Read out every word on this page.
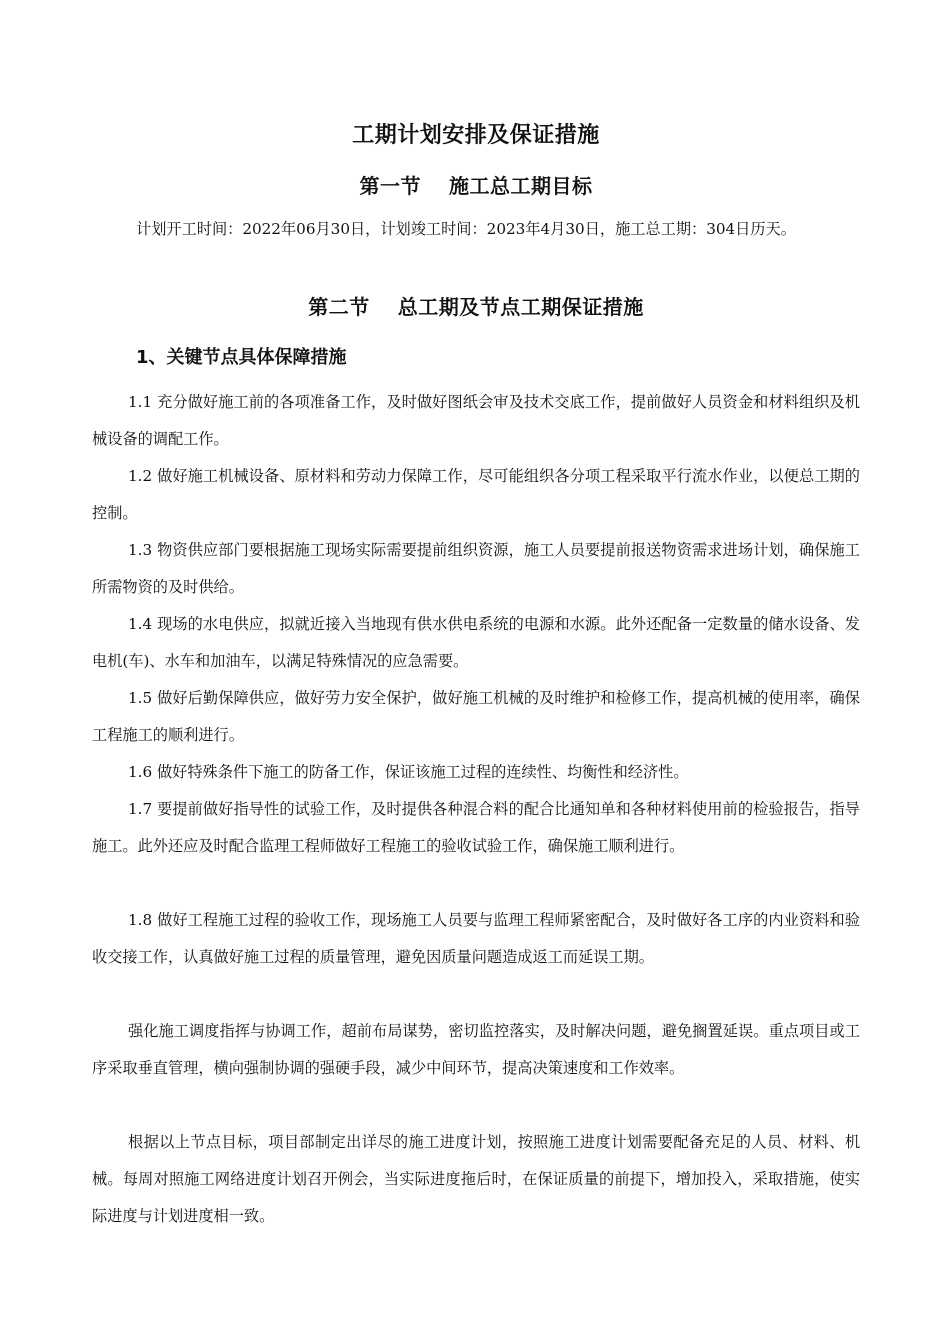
工期计划安排及保证措施
第一节 施工总工期目标

计划开工时间：2022年06月30日，计划竣工时间：2023年4月30日，施工总工期：304日历天。

第二节 总工期及节点工期保证措施
1、关键节点具体保障措施

1.1 充分做好施工前的各项准备工作，及时做好图纸会审及技术交底工作，提前做好人员资金和材料组织及机械设备的调配工作。

1.2 做好施工机械设备、原材料和劳动力保障工作，尽可能组织各分项工程采取平行流水作业，以便总工期的控制。

1.3 物资供应部门要根据施工现场实际需要提前组织资源，施工人员要提前报送物资需求进场计划，确保施工所需物资的及时供给。

1.4 现场的水电供应，拟就近接入当地现有供水供电系统的电源和水源。此外还配备一定数量的储水设备、发电机(车)、水车和加油车，以满足特殊情况的应急需要。

1.5 做好后勤保障供应，做好劳力安全保护，做好施工机械的及时维护和检修工作，提高机械的使用率，确保工程施工的顺利进行。

1.6 做好特殊条件下施工的防备工作，保证该施工过程的连续性、均衡性和经济性。

1.7 要提前做好指导性的试验工作，及时提供各种混合料的配合比通知单和各种材料使用前的检验报告，指导施工。此外还应及时配合监理工程师做好工程施工的验收试验工作，确保施工顺利进行。

1.8 做好工程施工过程的验收工作，现场施工人员要与监理工程师紧密配合，及时做好各工序的内业资料和验收交接工作，认真做好施工过程的质量管理，避免因质量问题造成返工而延误工期。

强化施工调度指挥与协调工作，超前布局谋势，密切监控落实，及时解决问题，避免搁置延误。重点项目或工序采取垂直管理，横向强制协调的强硬手段，减少中间环节，提高决策速度和工作效率。

根据以上节点目标，项目部制定出详尽的施工进度计划，按照施工进度计划需要配备充足的人员、材料、机械。每周对照施工网络进度计划召开例会，当实际进度拖后时，在保证质量的前提下，增加投入，采取措施，使实际进度与计划进度相一致。
